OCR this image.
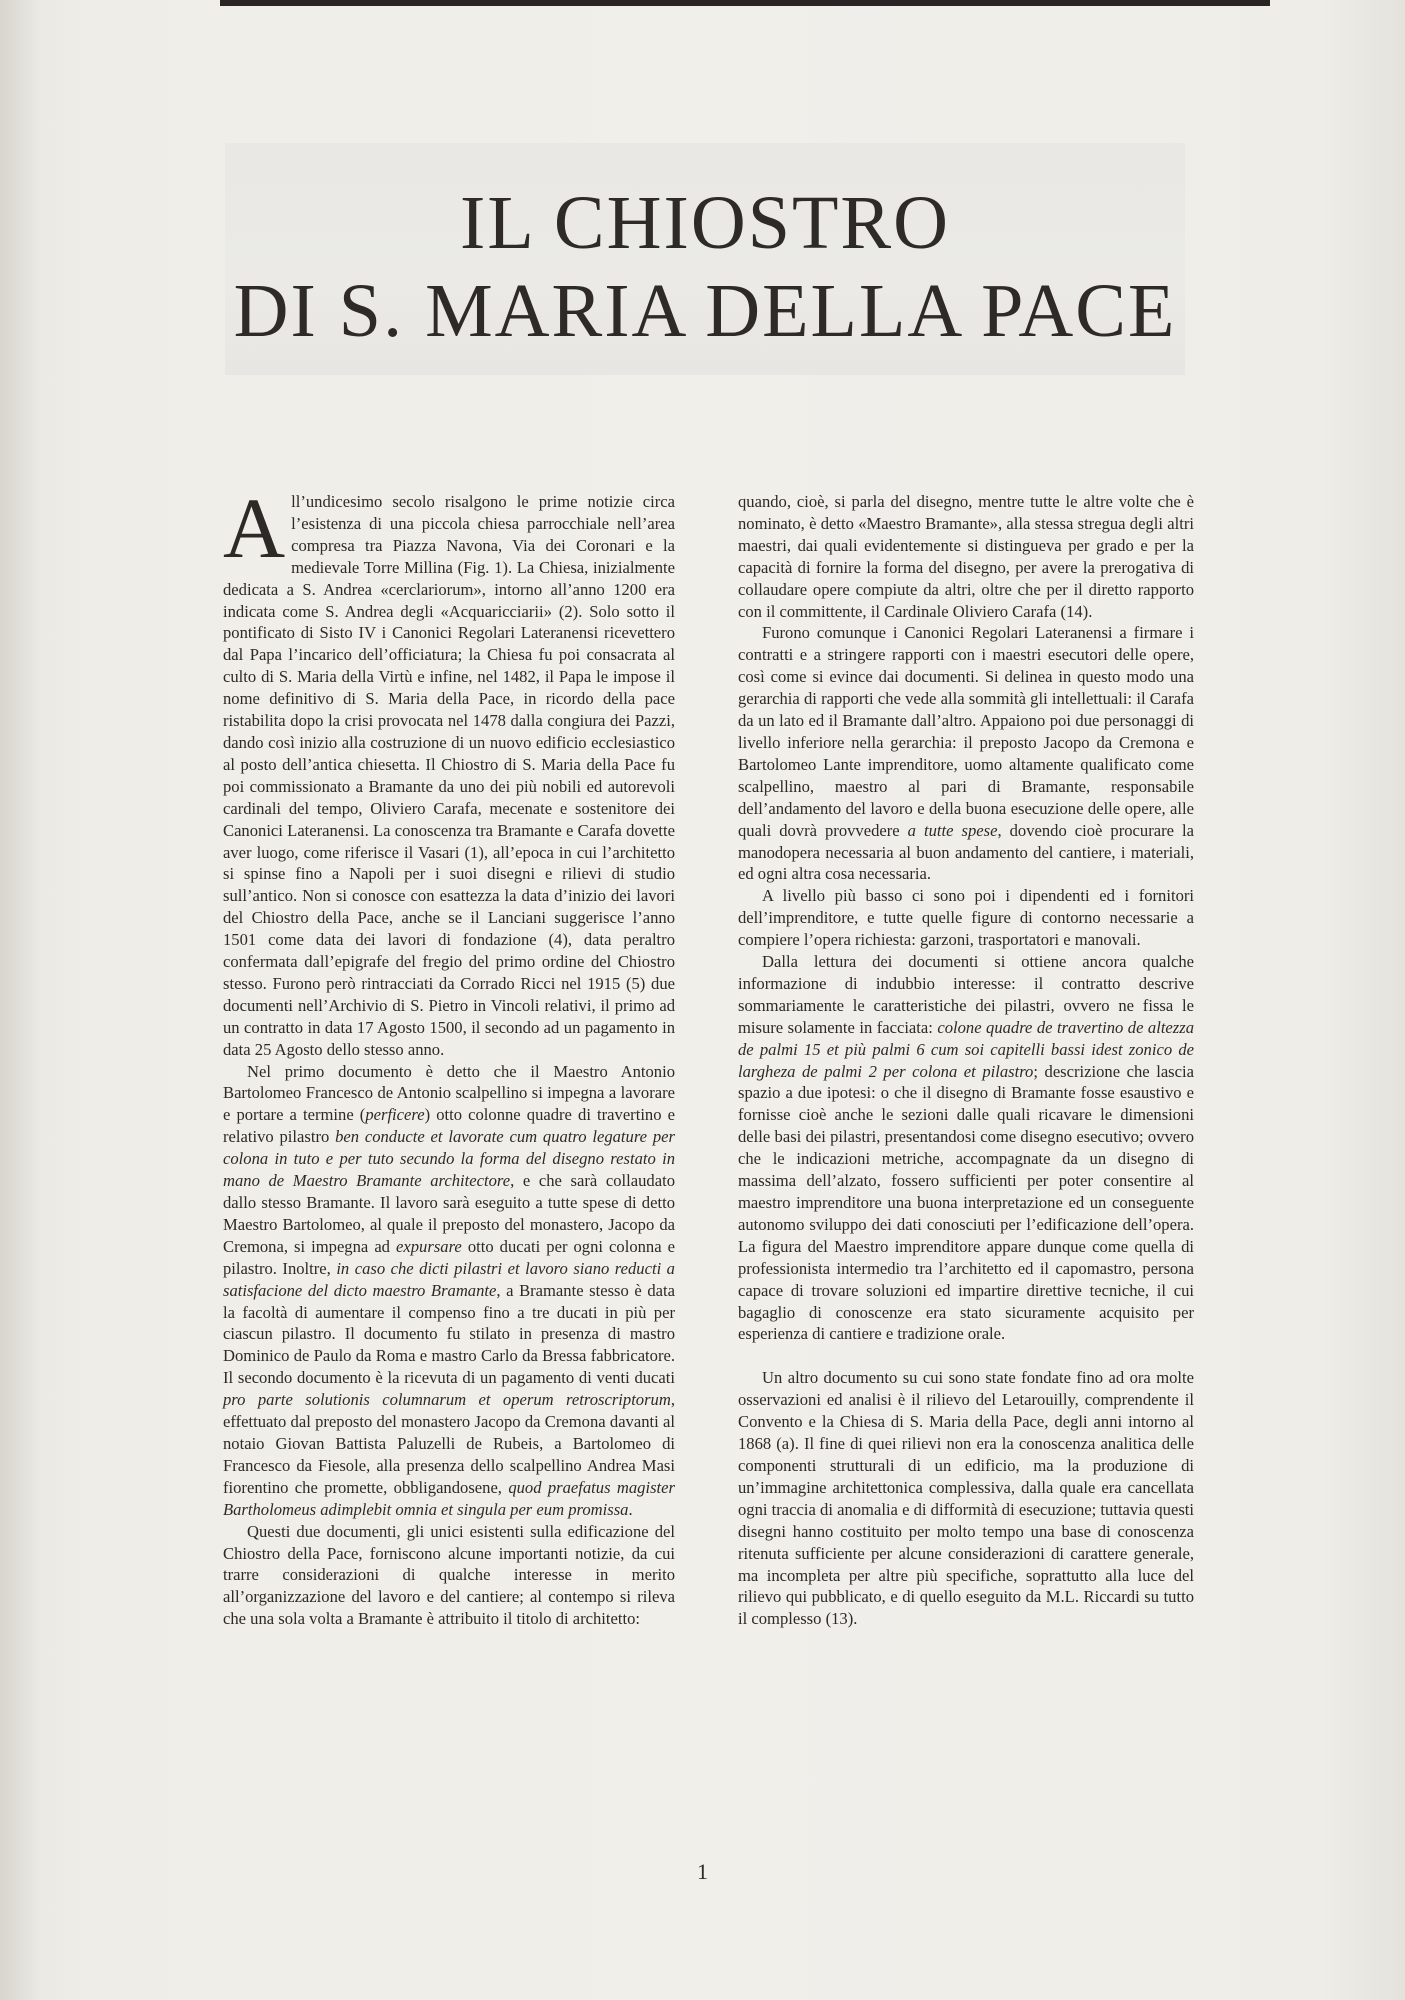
IL CHIOSTRO
DI S. MARIA DELLA PACE

All’undicesimo secolo risalgono le prime notizie circa l’esistenza di una piccola chiesa parrocchiale nell’area compresa tra Piazza Navona, Via dei Coronari e la medievale Torre Millina (Fig. 1). La Chiesa, inizialmente dedicata a S. Andrea «cerclariorum», intorno all’anno 1200 era indicata come S. Andrea degli «Acquaricciarii» (2). Solo sotto il pontificato di Sisto IV i Canonici Regolari Lateranensi ricevettero dal Papa l’incarico dell’officiatura; la Chiesa fu poi consacrata al culto di S. Maria della Virtù e infine, nel 1482, il Papa le impose il nome definitivo di S. Maria della Pace, in ricordo della pace ristabilita dopo la crisi provocata nel 1478 dalla congiura dei Pazzi, dando così inizio alla costruzione di un nuovo edificio ecclesiastico al posto dell’antica chiesetta. Il Chiostro di S. Maria della Pace fu poi commissionato a Bramante da uno dei più nobili ed autorevoli cardinali del tempo, Oliviero Carafa, mecenate e sostenitore dei Canonici Lateranensi. La conoscenza tra Bramante e Carafa dovette aver luogo, come riferisce il Vasari (1), all’epoca in cui l’architetto si spinse fino a Napoli per i suoi disegni e rilievi di studio sull’antico. Non si conosce con esattezza la data d’inizio dei lavori del Chiostro della Pace, anche se il Lanciani suggerisce l’anno 1501 come data dei lavori di fondazione (4), data peraltro confermata dall’epigrafe del fregio del primo ordine del Chiostro stesso. Furono però rintracciati da Corrado Ricci nel 1915 (5) due documenti nell’Archivio di S. Pietro in Vincoli relativi, il primo ad un contratto in data 17 Agosto 1500, il secondo ad un pagamento in data 25 Agosto dello stesso anno.

Nel primo documento è detto che il Maestro Antonio Bartolomeo Francesco de Antonio scalpellino si impegna a lavorare e portare a termine (perficere) otto colonne quadre di travertino e relativo pilastro ben conducte et lavorate cum quatro legature per colona in tuto e per tuto secundo la forma del disegno restato in mano de Maestro Bramante architectore, e che sarà collaudato dallo stesso Bramante. Il lavoro sarà eseguito a tutte spese di detto Maestro Bartolomeo, al quale il preposto del monastero, Jacopo da Cremona, si impegna ad expursare otto ducati per ogni colonna e pilastro. Inoltre, in caso che dicti pilastri et lavoro siano reducti a satisfacione del dicto maestro Bramante, a Bramante stesso è data la facoltà di aumentare il compenso fino a tre ducati in più per ciascun pilastro. Il documento fu stilato in presenza di mastro Dominico de Paulo da Roma e mastro Carlo da Bressa fabbricatore. Il secondo documento è la ricevuta di un pagamento di venti ducati pro parte solutionis columnarum et operum retroscriptorum, effettuato dal preposto del monastero Jacopo da Cremona davanti al notaio Giovan Battista Paluzelli de Rubeis, a Bartolomeo di Francesco da Fiesole, alla presenza dello scalpellino Andrea Masi fiorentino che promette, obbligandosene, quod praefatus magister Bartholomeus adimplebit omnia et singula per eum promissa.

Questi due documenti, gli unici esistenti sulla edificazione del Chiostro della Pace, forniscono alcune importanti notizie, da cui trarre considerazioni di qualche interesse in merito all’organizzazione del lavoro e del cantiere; al contempo si rileva che una sola volta a Bramante è attribuito il titolo di architetto:

quando, cioè, si parla del disegno, mentre tutte le altre volte che è nominato, è detto «Maestro Bramante», alla stessa stregua degli altri maestri, dai quali evidentemente si distingueva per grado e per la capacità di fornire la forma del disegno, per avere la prerogativa di collaudare opere compiute da altri, oltre che per il diretto rapporto con il committente, il Cardinale Oliviero Carafa (14).

Furono comunque i Canonici Regolari Lateranensi a firmare i contratti e a stringere rapporti con i maestri esecutori delle opere, così come si evince dai documenti. Si delinea in questo modo una gerarchia di rapporti che vede alla sommità gli intellettuali: il Carafa da un lato ed il Bramante dall’altro. Appaiono poi due personaggi di livello inferiore nella gerarchia: il preposto Jacopo da Cremona e Bartolomeo Lante imprenditore, uomo altamente qualificato come scalpellino, maestro al pari di Bramante, responsabile dell’andamento del lavoro e della buona esecuzione delle opere, alle quali dovrà provvedere a tutte spese, dovendo cioè procurare la manodopera necessaria al buon andamento del cantiere, i materiali, ed ogni altra cosa necessaria.

A livello più basso ci sono poi i dipendenti ed i fornitori dell’imprenditore, e tutte quelle figure di contorno necessarie a compiere l’opera richiesta: garzoni, trasportatori e manovali.

Dalla lettura dei documenti si ottiene ancora qualche informazione di indubbio interesse: il contratto descrive sommariamente le caratteristiche dei pilastri, ovvero ne fissa le misure solamente in facciata: colone quadre de travertino de altezza de palmi 15 et più palmi 6 cum soi capitelli bassi idest zonico de largheza de palmi 2 per colona et pilastro; descrizione che lascia spazio a due ipotesi: o che il disegno di Bramante fosse esaustivo e fornisse cioè anche le sezioni dalle quali ricavare le dimensioni delle basi dei pilastri, presentandosi come disegno esecutivo; ovvero che le indicazioni metriche, accompagnate da un disegno di massima dell’alzato, fossero sufficienti per poter consentire al maestro imprenditore una buona interpretazione ed un conseguente autonomo sviluppo dei dati conosciuti per l’edificazione dell’opera. La figura del Maestro imprenditore appare dunque come quella di professionista intermedio tra l’architetto ed il capomastro, persona capace di trovare soluzioni ed impartire direttive tecniche, il cui bagaglio di conoscenze era stato sicuramente acquisito per esperienza di cantiere e tradizione orale.

Un altro documento su cui sono state fondate fino ad ora molte osservazioni ed analisi è il rilievo del Letarouilly, comprendente il Convento e la Chiesa di S. Maria della Pace, degli anni intorno al 1868 (a). Il fine di quei rilievi non era la conoscenza analitica delle componenti strutturali di un edificio, ma la produzione di un’immagine architettonica complessiva, dalla quale era cancellata ogni traccia di anomalia e di difformità di esecuzione; tuttavia questi disegni hanno costituito per molto tempo una base di conoscenza ritenuta sufficiente per alcune considerazioni di carattere generale, ma incompleta per altre più specifiche, soprattutto alla luce del rilievo qui pubblicato, e di quello eseguito da M.L. Riccardi su tutto il complesso (13).

1
